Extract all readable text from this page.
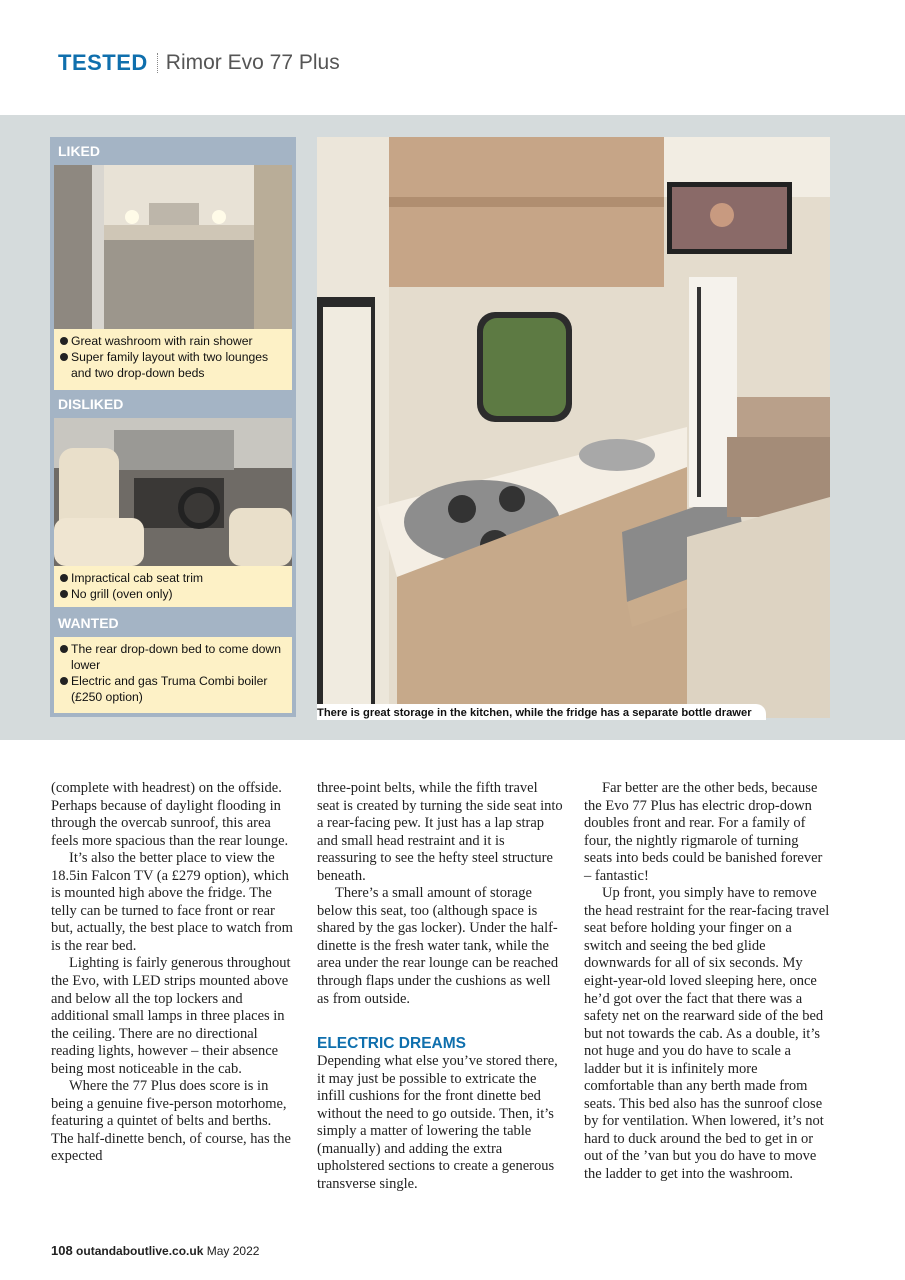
TESTED Rimor Evo 77 Plus
LIKED
Great washroom with rain shower
Super family layout with two lounges and two drop-down beds
DISLIKED
Impractical cab seat trim
No grill (oven only)
WANTED
The rear drop-down bed to come down lower
Electric and gas Truma Combi boiler (£250 option)
There is great storage in the kitchen, while the fridge has a separate bottle drawer

(complete with headrest) on the offside. Perhaps because of daylight flooding in through the overcab sunroof, this area feels more spacious than the rear lounge.

It’s also the better place to view the 18.5in Falcon TV (a £279 option), which is mounted high above the fridge. The telly can be turned to face front or rear but, actually, the best place to watch from is the rear bed.

Lighting is fairly generous throughout the Evo, with LED strips mounted above and below all the top lockers and additional small lamps in three places in the ceiling. There are no directional reading lights, however – their absence being most noticeable in the cab.

Where the 77 Plus does score is in being a genuine five-person motorhome, featuring a quintet of belts and berths. The half-dinette bench, of course, has the expected

three-point belts, while the fifth travel seat is created by turning the side seat into a rear-facing pew. It just has a lap strap and small head restraint and it is reassuring to see the hefty steel structure beneath.

There’s a small amount of storage below this seat, too (although space is shared by the gas locker). Under the half-dinette is the fresh water tank, while the area under the rear lounge can be reached through flaps under the cushions as well as from outside.

ELECTRIC DREAMS

Depending what else you’ve stored there, it may just be possible to extricate the infill cushions for the front dinette bed without the need to go outside. Then, it’s simply a matter of lowering the table (manually) and adding the extra upholstered sections to create a generous transverse single.

Far better are the other beds, because the Evo 77 Plus has electric drop-down doubles front and rear. For a family of four, the nightly rigmarole of turning seats into beds could be banished forever – fantastic!

Up front, you simply have to remove the head restraint for the rear-facing travel seat before holding your finger on a switch and seeing the bed glide downwards for all of six seconds. My eight-year-old loved sleeping here, once he’d got over the fact that there was a safety net on the rearward side of the bed but not towards the cab. As a double, it’s not huge and you do have to scale a ladder but it is infinitely more comfortable than any berth made from seats. This bed also has the sunroof close by for ventilation. When lowered, it’s not hard to duck around the bed to get in or out of the ’van but you do have to move the ladder to get into the washroom.

108 outandaboutlive.co.uk May 2022
